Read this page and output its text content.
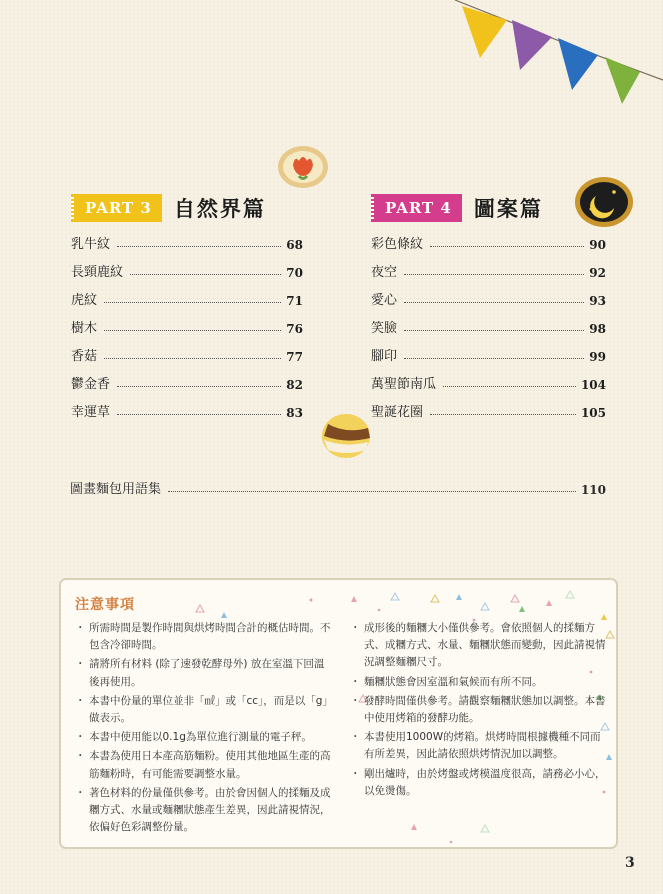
PART 3	自然界篇
乳牛紋	68
長頸鹿紋	70
虎紋	71
樹木	76
香菇	77
鬱金香	82
幸運草	83
PART 4	圖案篇
彩色條紋	90
夜空	92
愛心	93
笑臉	98
腳印	99
萬聖節南瓜	104
聖誕花圈	105
圖畫麵包用語集	110
注意事項
・ 所需時間是製作時間與烘烤時間合計的概估時間。不包含冷卻時間。
・ 請將所有材料 (除了速發乾酵母外) 放在室溫下回溫後再使用。
・ 本書中份量的單位並非「㎖」或「cc」，而是以「g」做表示。
・ 本書中使用能以0.1g為單位進行測量的電子秤。
・ 本書為使用日本產高筋麵粉。使用其他地區生產的高筋麵粉時，有可能需要調整水量。
・ 著色材料的份量僅供參考。由於會因個人的揉麵及成糰方式、水量或麵糰狀態產生差異，因此請視情況，依偏好色彩調整份量。
・ 成形後的麵糰大小僅供參考。會依照個人的揉麵方式、成糰方式、水量、麵糰狀態而變動，因此請視情況調整麵糰尺寸。
・ 麵糰狀態會因室溫和氣候而有所不同。
・ 發酵時間僅供參考。請觀察麵糰狀態加以調整。本書中使用烤箱的發酵功能。
・ 本書使用1000W的烤箱。烘烤時間根據機種不同而有所差異，因此請依照烘烤情況加以調整。
・ 剛出爐時，由於烤盤或烤模溫度很高，請務必小心，以免燙傷。
3
